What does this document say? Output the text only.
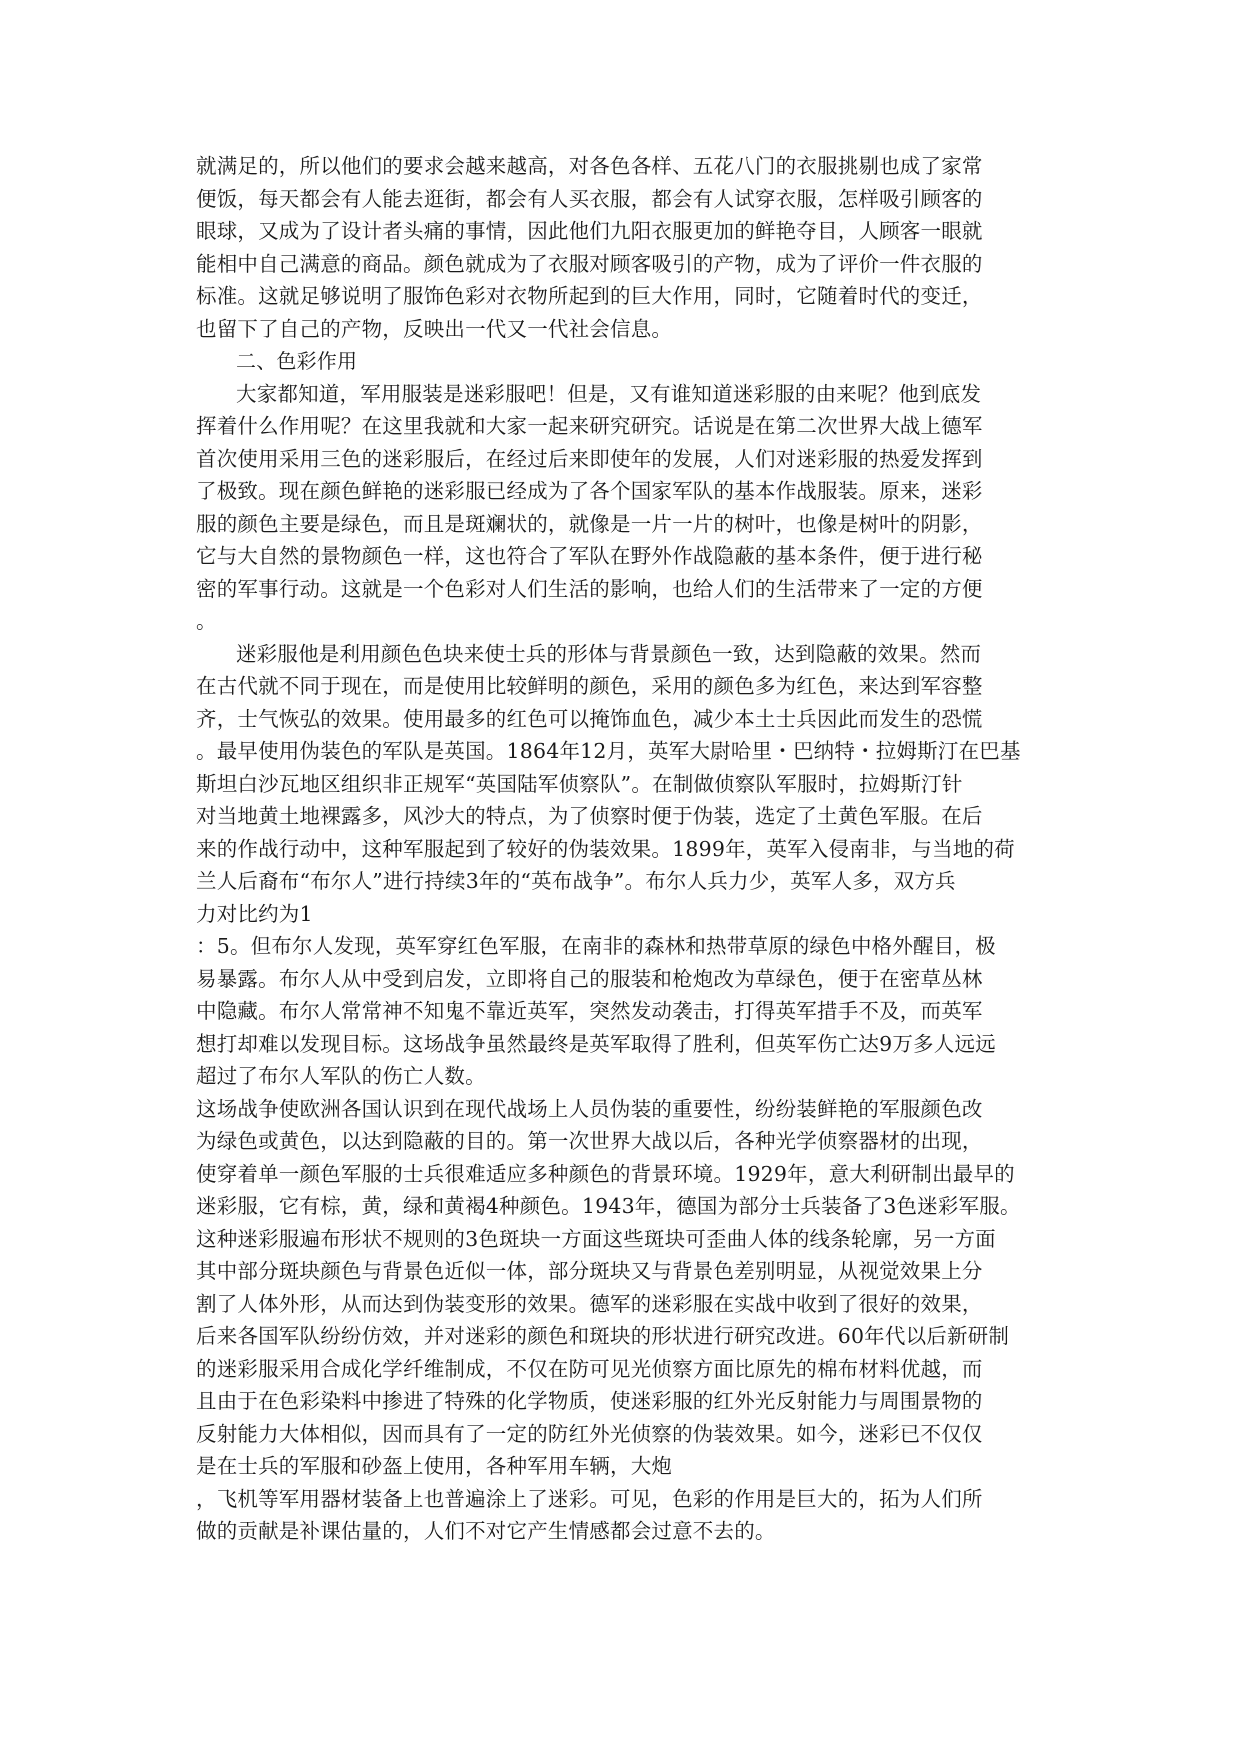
就满足的，所以他们的要求会越来越高，对各色各样、五花八门的衣服挑剔也成了家常
便饭，每天都会有人能去逛街，都会有人买衣服，都会有人试穿衣服，怎样吸引顾客的
眼球，又成为了设计者头痛的事情，因此他们九阳衣服更加的鲜艳夺目，人顾客一眼就
能相中自己满意的商品。颜色就成为了衣服对顾客吸引的产物，成为了评价一件衣服的
标准。这就足够说明了服饰色彩对衣物所起到的巨大作用，同时，它随着时代的变迁，
也留下了自己的产物，反映出一代又一代社会信息。
二、色彩作用
大家都知道，军用服装是迷彩服吧！但是，又有谁知道迷彩服的由来呢？他到底发
挥着什么作用呢？在这里我就和大家一起来研究研究。话说是在第二次世界大战上德军
首次使用采用三色的迷彩服后，在经过后来即使年的发展，人们对迷彩服的热爱发挥到
了极致。现在颜色鲜艳的迷彩服已经成为了各个国家军队的基本作战服装。原来，迷彩
服的颜色主要是绿色，而且是斑斓状的，就像是一片一片的树叶，也像是树叶的阴影，
它与大自然的景物颜色一样，这也符合了军队在野外作战隐蔽的基本条件，便于进行秘
密的军事行动。这就是一个色彩对人们生活的影响，也给人们的生活带来了一定的方便
。
迷彩服他是利用颜色色块来使士兵的形体与背景颜色一致，达到隐蔽的效果。然而
在古代就不同于现在，而是使用比较鲜明的颜色，采用的颜色多为红色，来达到军容整
齐，士气恢弘的效果。使用最多的红色可以掩饰血色，减少本土士兵因此而发生的恐慌
。最早使用伪装色的军队是英国。1864年12月，英军大尉哈里・巴纳特・拉姆斯汀在巴基
斯坦白沙瓦地区组织非正规军“英国陆军侦察队”。在制做侦察队军服时，拉姆斯汀针
对当地黄土地裸露多，风沙大的特点，为了侦察时便于伪装，选定了土黄色军服。在后
来的作战行动中，这种军服起到了较好的伪装效果。1899年，英军入侵南非，与当地的荷
兰人后裔布“布尔人”进行持续3年的“英布战争”。布尔人兵力少，英军人多，双方兵
力对比约为1
：5。但布尔人发现，英军穿红色军服，在南非的森林和热带草原的绿色中格外醒目，极
易暴露。布尔人从中受到启发，立即将自己的服装和枪炮改为草绿色，便于在密草丛林
中隐藏。布尔人常常神不知鬼不靠近英军，突然发动袭击，打得英军措手不及，而英军
想打却难以发现目标。这场战争虽然最终是英军取得了胜利，但英军伤亡达9万多人远远
超过了布尔人军队的伤亡人数。
这场战争使欧洲各国认识到在现代战场上人员伪装的重要性，纷纷装鲜艳的军服颜色改
为绿色或黄色，以达到隐蔽的目的。第一次世界大战以后，各种光学侦察器材的出现，
使穿着单一颜色军服的士兵很难适应多种颜色的背景环境。1929年，意大利研制出最早的
迷彩服，它有棕，黄，绿和黄褐4种颜色。1943年，德国为部分士兵装备了3色迷彩军服。
这种迷彩服遍布形状不规则的3色斑块一方面这些斑块可歪曲人体的线条轮廓，另一方面
其中部分斑块颜色与背景色近似一体，部分斑块又与背景色差别明显，从视觉效果上分
割了人体外形，从而达到伪装变形的效果。德军的迷彩服在实战中收到了很好的效果，
后来各国军队纷纷仿效，并对迷彩的颜色和斑块的形状进行研究改进。60年代以后新研制
的迷彩服采用合成化学纤维制成，不仅在防可见光侦察方面比原先的棉布材料优越，而
且由于在色彩染料中掺进了特殊的化学物质，使迷彩服的红外光反射能力与周围景物的
反射能力大体相似，因而具有了一定的防红外光侦察的伪装效果。如今，迷彩已不仅仅
是在士兵的军服和砂盔上使用，各种军用车辆，大炮
，飞机等军用器材装备上也普遍涂上了迷彩。可见，色彩的作用是巨大的，拓为人们所
做的贡献是补课估量的，人们不对它产生情感都会过意不去的。
